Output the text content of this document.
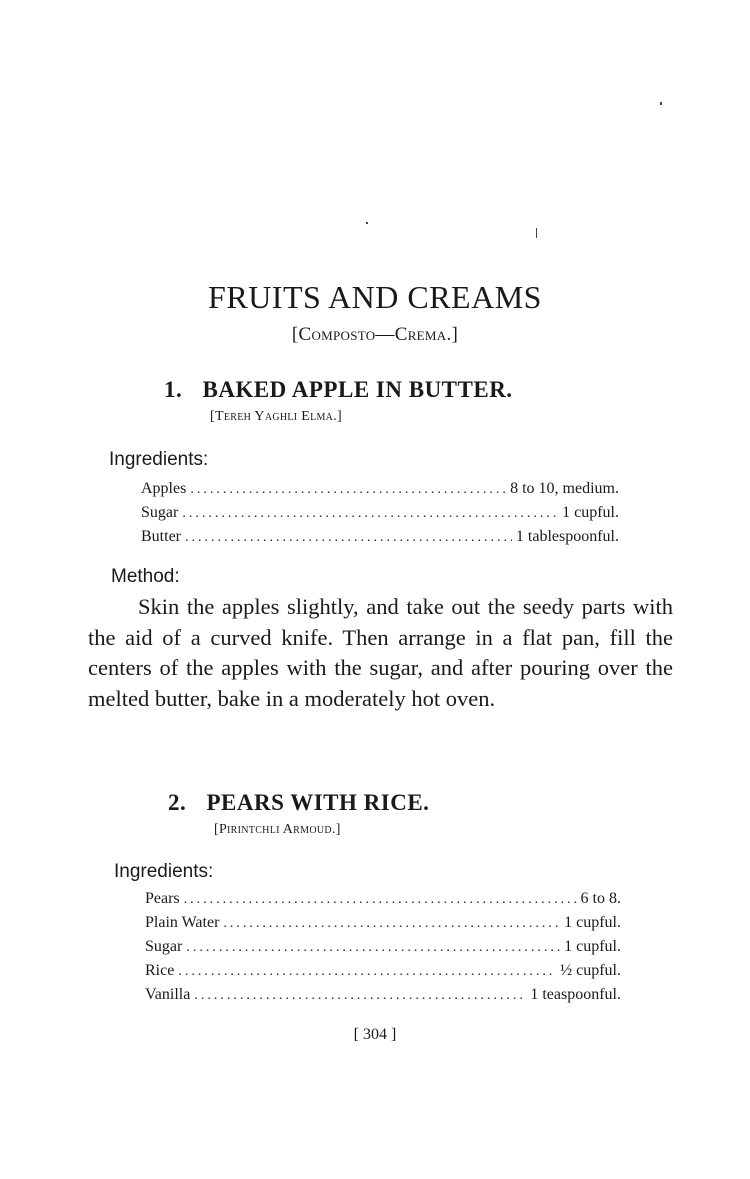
FRUITS AND CREAMS
[Composto—Crema.]
1. BAKED APPLE IN BUTTER.
[Tereh Yaghli Elma.]
Ingredients:
Apples .....	8 to 10, medium.
Sugar .....	1 cupful.
Butter .....	1 tablespoonful.
Method:
Skin the apples slightly, and take out the seedy parts with the aid of a curved knife. Then arrange in a flat pan, fill the centers of the apples with the sugar, and after pouring over the melted butter, bake in a moderately hot oven.
2. PEARS WITH RICE.
[Pirintchli Armoud.]
Ingredients:
Pears .....	6 to 8.
Plain Water .....	1 cupful.
Sugar .....	1 cupful.
Rice .....	½ cupful.
Vanilla .....	1 teaspoonful.
[ 304 ]
